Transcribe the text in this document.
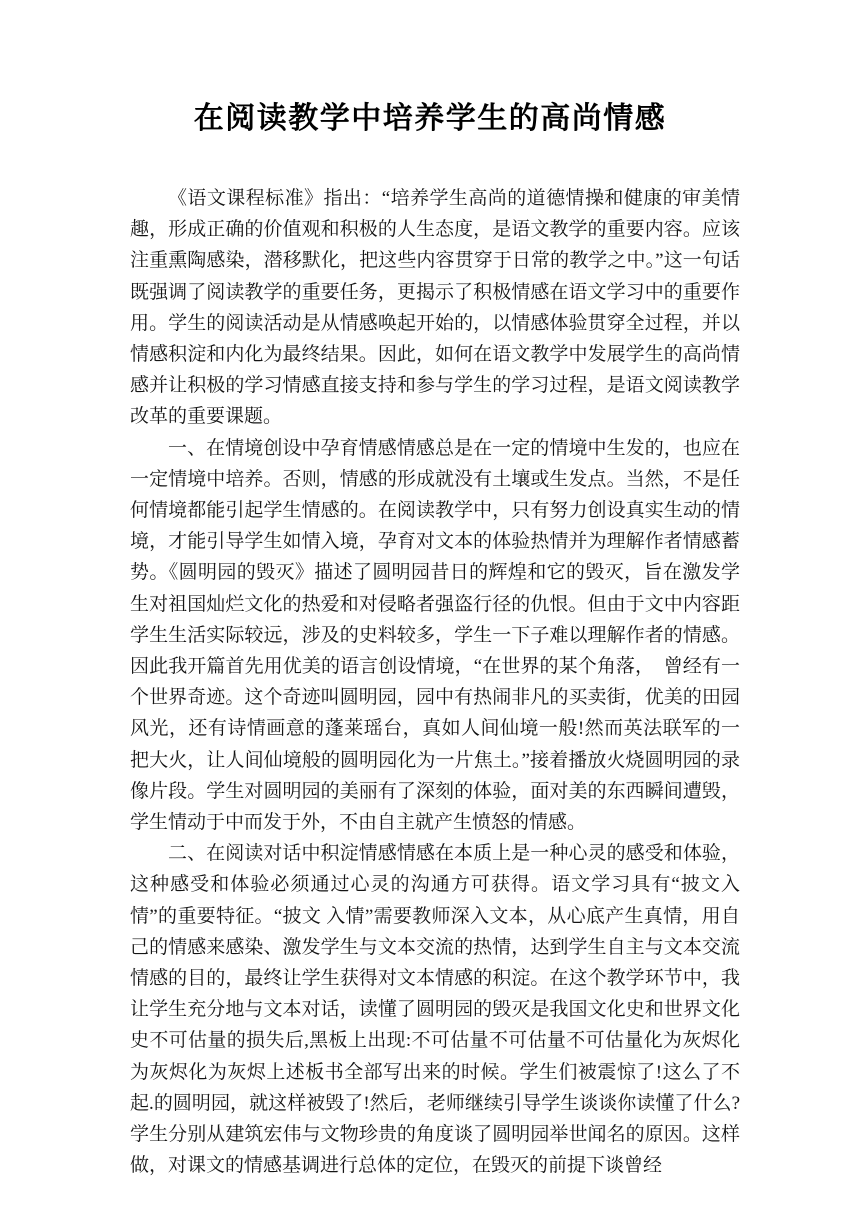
在阅读教学中培养学生的高尚情感

《语文课程标准》指出：“培养学生高尚的道德情操和健康的审美情趣，形成正确的价值观和积极的人生态度，是语文教学的重要内容。应该注重熏陶感染，潜移默化，把这些内容贯穿于日常的教学之中。”这一句话既强调了阅读教学的重要任务，更揭示了积极情感在语文学习中的重要作用。学生的阅读活动是从情感唤起开始的，以情感体验贯穿全过程，并以情感积淀和内化为最终结果。因此，如何在语文教学中发展学生的高尚情感并让积极的学习情感直接支持和参与学生的学习过程，是语文阅读教学改革的重要课题。

一、在情境创设中孕育情感情感总是在一定的情境中生发的，也应在一定情境中培养。否则，情感的形成就没有土壤或生发点。当然，不是任何情境都能引起学生情感的。在阅读教学中，只有努力创设真实生动的情境，才能引导学生如情入境，孕育对文本的体验热情并为理解作者情感蓄势。《圆明园的毁灭》描述了圆明园昔日的辉煌和它的毁灭，旨在激发学生对祖国灿烂文化的热爱和对侵略者强盗行径的仇恨。但由于文中内容距学生生活实际较远，涉及的史料较多，学生一下子难以理解作者的情感。因此我开篇首先用优美的语言创设情境，“在世界的某个角落，　曾经有一个世界奇迹。这个奇迹叫圆明园，园中有热闹非凡的买卖街，优美的田园风光，还有诗情画意的蓬莱瑶台，真如人间仙境一般!然而英法联军的一把大火，让人间仙境般的圆明园化为一片焦土。”接着播放火烧圆明园的录像片段。学生对圆明园的美丽有了深刻的体验，面对美的东西瞬间遭毁，学生情动于中而发于外，不由自主就产生愤怒的情感。

二、在阅读对话中积淀情感情感在本质上是一种心灵的感受和体验，这种感受和体验必须通过心灵的沟通方可获得。语文学习具有“披文入情”的重要特征。“披文 入情”需要教师深入文本，从心底产生真情，用自己的情感来感染、激发学生与文本交流的热情，达到学生自主与文本交流情感的目的，最终让学生获得对文本情感的积淀。在这个教学环节中，我让学生充分地与文本对话，读懂了圆明园的毁灭是我国文化史和世界文化史不可估量的损失后,黑板上出现:不可估量不可估量不可估量化为灰烬化为灰烬化为灰烬上述板书全部写出来的时候。学生们被震惊了!这么了不起.的圆明园，就这样被毁了!然后，老师继续引导学生谈谈你读懂了什么?学生分别从建筑宏伟与文物珍贵的角度谈了圆明园举世闻名的原因。这样做，对课文的情感基调进行总体的定位，在毁灭的前提下谈曾经
